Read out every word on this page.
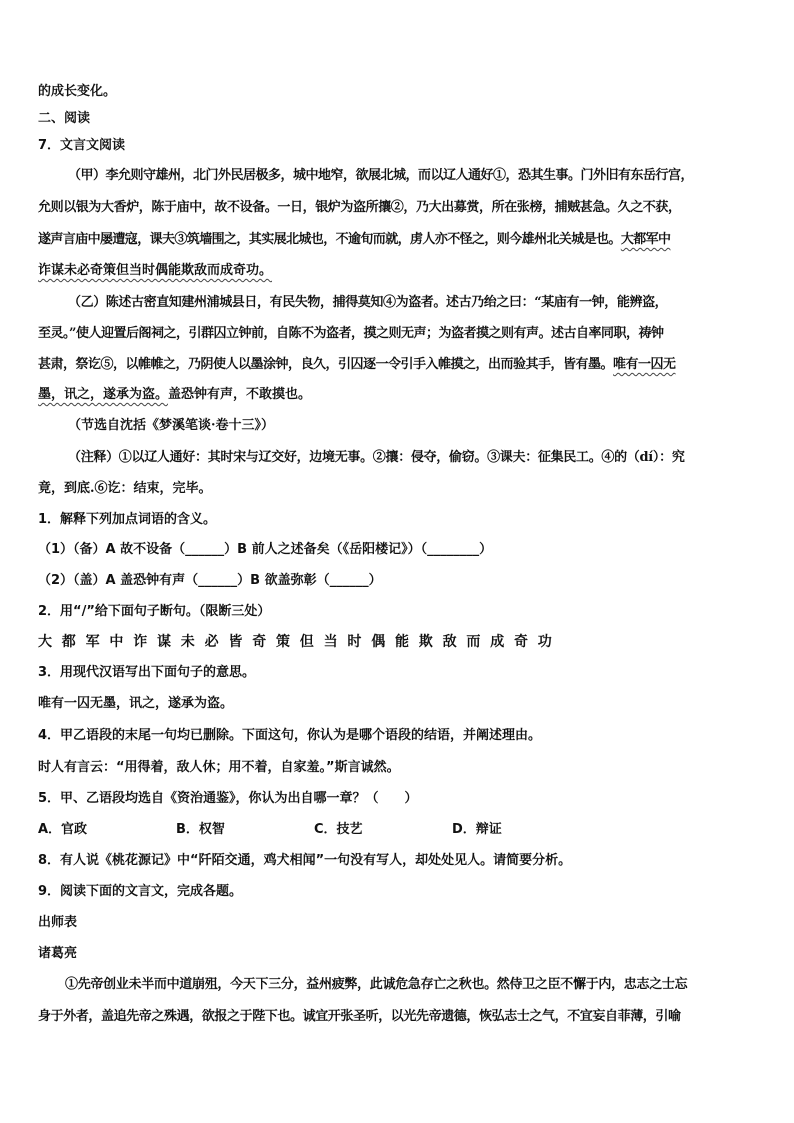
的成长变化。
二、阅读
7．文言文阅读
（甲）李允则守雄州，北门外民居极多，城中地窄，欲展北城，而以辽人通好①，恐其生事。门外旧有东岳行宫，
允则以银为大香炉，陈于庙中，故不设备。一日，银炉为盗所攘②，乃大出募赏，所在张榜，捕贼甚急。久之不获，
遂声言庙中屡遭寇，课夫③筑墙围之，其实展北城也，不逾旬而就，虏人亦不怪之，则今雄州北关城是也。大都军中
诈谋未必奇策但当时偶能欺敌而成奇功。
（乙）陈述古密直知建州浦城县日，有民失物，捕得莫知④为盗者。述古乃绐之曰：“某庙有一钟，能辨盗，
至灵。”使人迎置后阁祠之，引群囚立钟前，自陈不为盗者，摸之则无声；为盗者摸之则有声。述古自率同职，祷钟
甚肃，祭讫⑤，以帷帷之，乃阴使人以墨涂钟，良久，引囚逐一令引手入帷摸之，出而验其手，皆有墨。唯有一囚无
墨，讯之，遂承为盗。盖恐钟有声，不敢摸也。
（节选自沈括《梦溪笔谈·卷十三》）
（注释）①以辽人通好：其时宋与辽交好，边境无事。②攘：侵夺，偷窃。③课夫：征集民工。④的（dí）：究
竟，到底.⑥讫：结束，完毕。
1．解释下列加点词语的含义。
（1）（备）A 故不设备（______）B 前人之述备矣（《岳阳楼记》）（________）
（2）（盖）A 盖恐钟有声（______）B 欲盖弥彰（______）
2．用“/”给下面句子断句。（限断三处）
大都军中诈谋未必皆奇策但当时偶能欺敌而成奇功
3．用现代汉语写出下面句子的意思。
唯有一囚无墨，讯之，遂承为盗。
4．甲乙语段的末尾一句均已删除。下面这句，你认为是哪个语段的结语，并阐述理由。
时人有言云：“用得着，敌人休；用不着，自家羞。”斯言诚然。
5．甲、乙语段均选自《资治通鉴》，你认为出自哪一章？（　　）
A．官政	B．权智	C．技艺	D．辩证
8．有人说《桃花源记》中“阡陌交通，鸡犬相闻”一句没有写人，却处处见人。请简要分析。
9．阅读下面的文言文，完成各题。
出师表
诸葛亮
①先帝创业未半而中道崩殂，今天下三分，益州疲弊，此诚危急存亡之秋也。然侍卫之臣不懈于内，忠志之士忘
身于外者，盖追先帝之殊遇，欲报之于陛下也。诚宜开张圣听，以光先帝遗德，恢弘志士之气，不宜妄自菲薄，引喻
